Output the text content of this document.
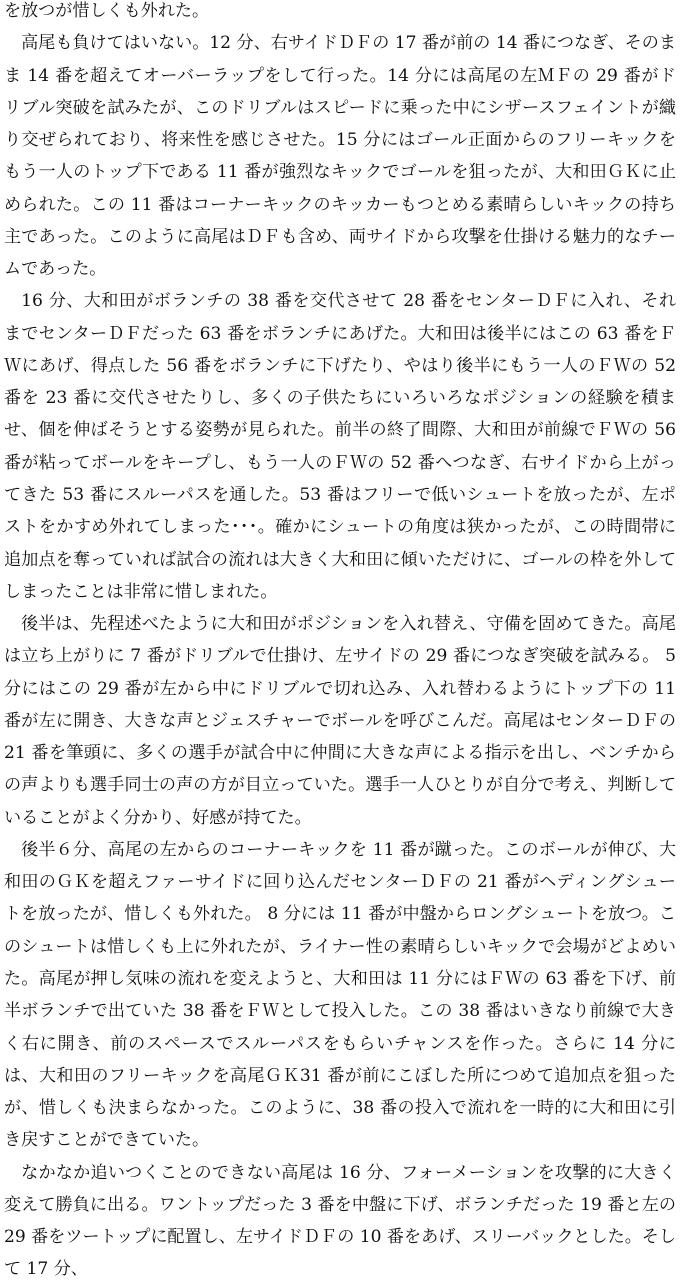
を放つが惜しくも外れた。

高尾も負けてはいない。12 分、右サイドＤＦの 17 番が前の 14 番につなぎ、そのまま 14 番を超えてオーバーラップをして行った。14 分には高尾の左ＭＦの 29 番がドリブル突破を試みたが、このドリブルはスピードに乗った中にシザースフェイントが織り交ぜられており、将来性を感じさせた。15 分にはゴール正面からのフリーキックをもう一人のトップ下である 11 番が強烈なキックでゴールを狙ったが、大和田ＧＫに止められた。この 11 番はコーナーキックのキッカーもつとめる素晴らしいキックの持ち主であった。このように高尾はＤＦも含め、両サイドから攻撃を仕掛ける魅力的なチームであった。

16 分、大和田がボランチの 38 番を交代させて 28 番をセンターＤＦに入れ、それまでセンターＤＦだった 63 番をボランチにあげた。大和田は後半にはこの 63 番をＦＷにあげ、得点した 56 番をボランチに下げたり、やはり後半にもう一人のＦＷの 52 番を 23 番に交代させたりし、多くの子供たちにいろいろなポジションの経験を積ませ、個を伸ばそうとする姿勢が見られた。前半の終了間際、大和田が前線でＦＷの 56 番が粘ってボールをキープし、もう一人のＦＷの 52 番へつなぎ、右サイドから上がってきた 53 番にスルーパスを通した。53 番はフリーで低いシュートを放ったが、左ポストをかすめ外れてしまった･･･。確かにシュートの角度は狭かったが、この時間帯に追加点を奪っていれば試合の流れは大きく大和田に傾いただけに、ゴールの枠を外してしまったことは非常に惜しまれた。

後半は、先程述べたように大和田がポジションを入れ替え、守備を固めてきた。高尾は立ち上がりに 7 番がドリブルで仕掛け、左サイドの 29 番につなぎ突破を試みる。 5 分にはこの 29 番が左から中にドリブルで切れ込み、入れ替わるようにトップ下の 11 番が左に開き、大きな声とジェスチャーでボールを呼びこんだ。高尾はセンターＤＦの 21 番を筆頭に、多くの選手が試合中に仲間に大きな声による指示を出し、ベンチからの声よりも選手同士の声の方が目立っていた。選手一人ひとりが自分で考え、判断していることがよく分かり、好感が持てた。

後半６分、高尾の左からのコーナーキックを 11 番が蹴った。このボールが伸び、大和田のＧＫを超えファーサイドに回り込んだセンターＤＦの 21 番がヘディングシュートを放ったが、惜しくも外れた。 8 分には 11 番が中盤からロングシュートを放つ。このシュートは惜しくも上に外れたが、ライナー性の素晴らしいキックで会場がどよめいた。高尾が押し気味の流れを変えようと、大和田は 11 分にはＦＷの 63 番を下げ、前半ボランチで出ていた 38 番をＦＷとして投入した。この 38 番はいきなり前線で大きく右に開き、前のスペースでスルーパスをもらいチャンスを作った。さらに 14 分には、大和田のフリーキックを高尾ＧＫ31 番が前にこぼした所につめて追加点を狙ったが、惜しくも決まらなかった。このように、38 番の投入で流れを一時的に大和田に引き戻すことができていた。

なかなか追いつくことのできない高尾は 16 分、フォーメーションを攻撃的に大きく変えて勝負に出る。ワントップだった 3 番を中盤に下げ、ボランチだった 19 番と左の 29 番をツートップに配置し、左サイドＤＦの 10 番をあげ、スリーバックとした。そして 17 分、
